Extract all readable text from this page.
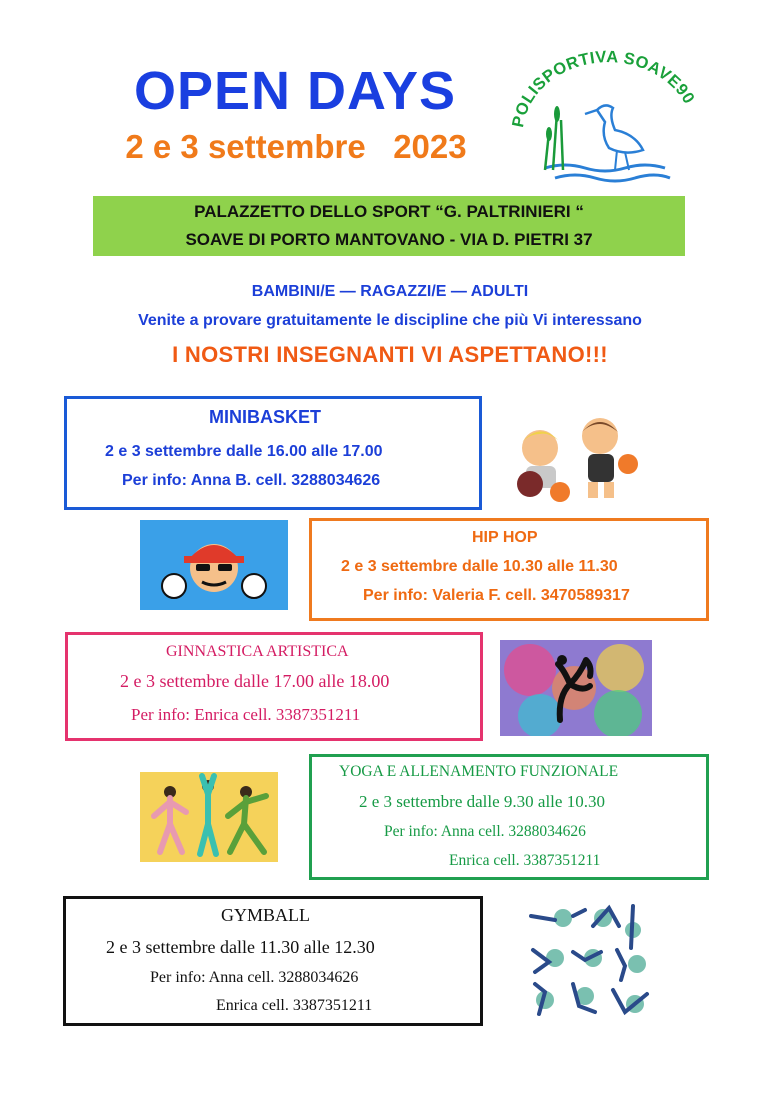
OPEN DAYS
2 e 3 settembre   2023
POLISPORTIVA SOAVE90
PALAZZETTO DELLO SPORT “G. PALTRINIERI “
SOAVE DI PORTO MANTOVANO - VIA D. PIETRI 37
BAMBINI/E — RAGAZZI/E — ADULTI
Venite a provare gratuitamente le discipline che più Vi interessano
I NOSTRI INSEGNANTI VI ASPETTANO!!!
MINIBASKET
2 e 3 settembre dalle 16.00 alle 17.00
Per info: Anna B. cell. 3288034626
HIP HOP
2 e 3 settembre dalle 10.30 alle 11.30
Per info: Valeria F. cell. 3470589317
GINNASTICA ARTISTICA
2 e 3 settembre dalle 17.00 alle 18.00
Per info: Enrica cell. 3387351211
YOGA E ALLENAMENTO FUNZIONALE
2 e 3 settembre dalle 9.30 alle 10.30
Per info: Anna cell. 3288034626
Enrica cell. 3387351211
GYMBALL
2 e 3 settembre dalle 11.30 alle 12.30
Per info: Anna cell. 3288034626
Enrica cell. 3387351211
